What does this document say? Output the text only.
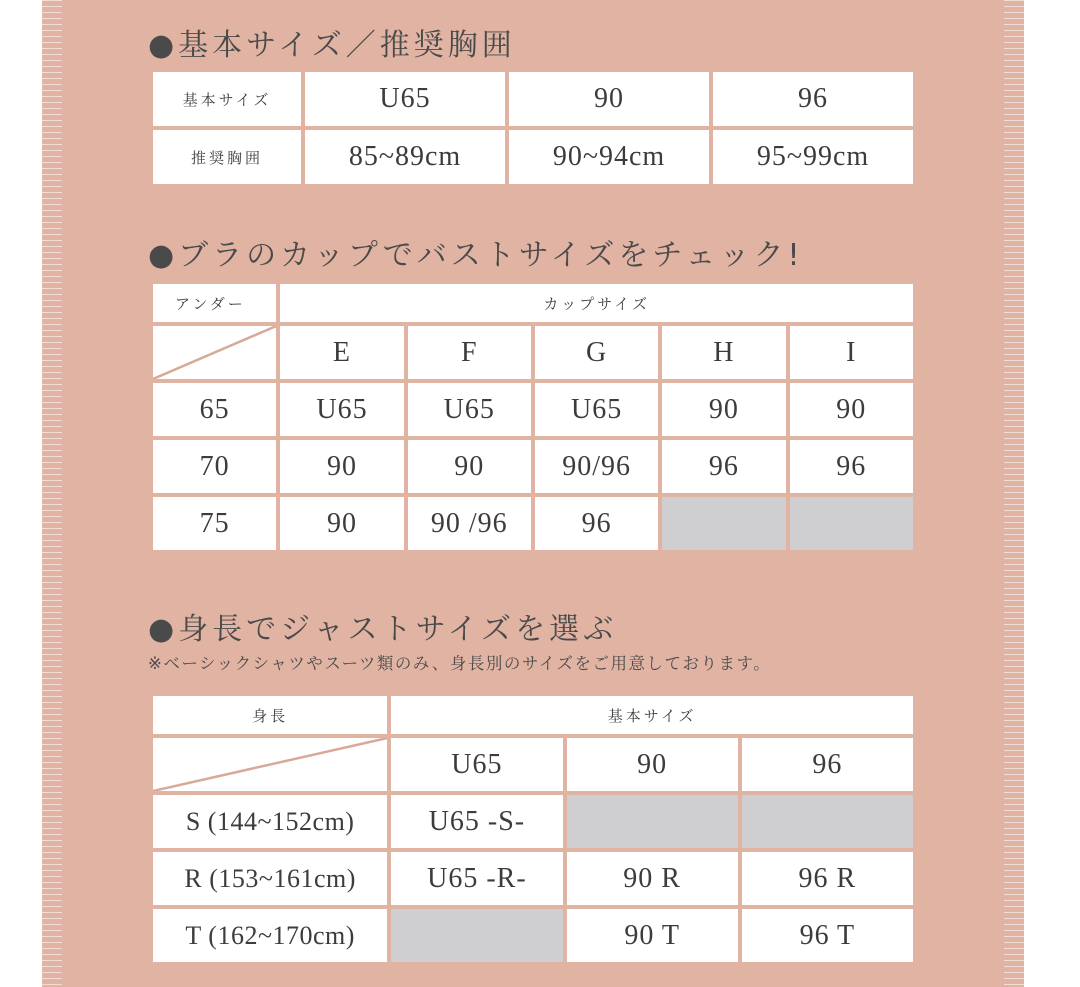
●基本サイズ／推奨胸囲
基本サイズ	U65	90	96
推奨胸囲	85~89cm	90~94cm	95~99cm
●ブラのカップでバストサイズをチェック!
アンダー	カップサイズ				

	E	F	G	H	I
65	U65	U65	U65	90	90
70	90	90	90/96	96	96
75	90	90 /96	96		
●身長でジャストサイズを選ぶ
※ベーシックシャツやスーツ類のみ、身長別のサイズをご用意しております。
身長	基本サイズ		

	U65	90	96
S (144~152cm)	U65 -S-		
R (153~161cm)	U65 -R-	90 R	96 R
T (162~170cm)		90 T	96 T
